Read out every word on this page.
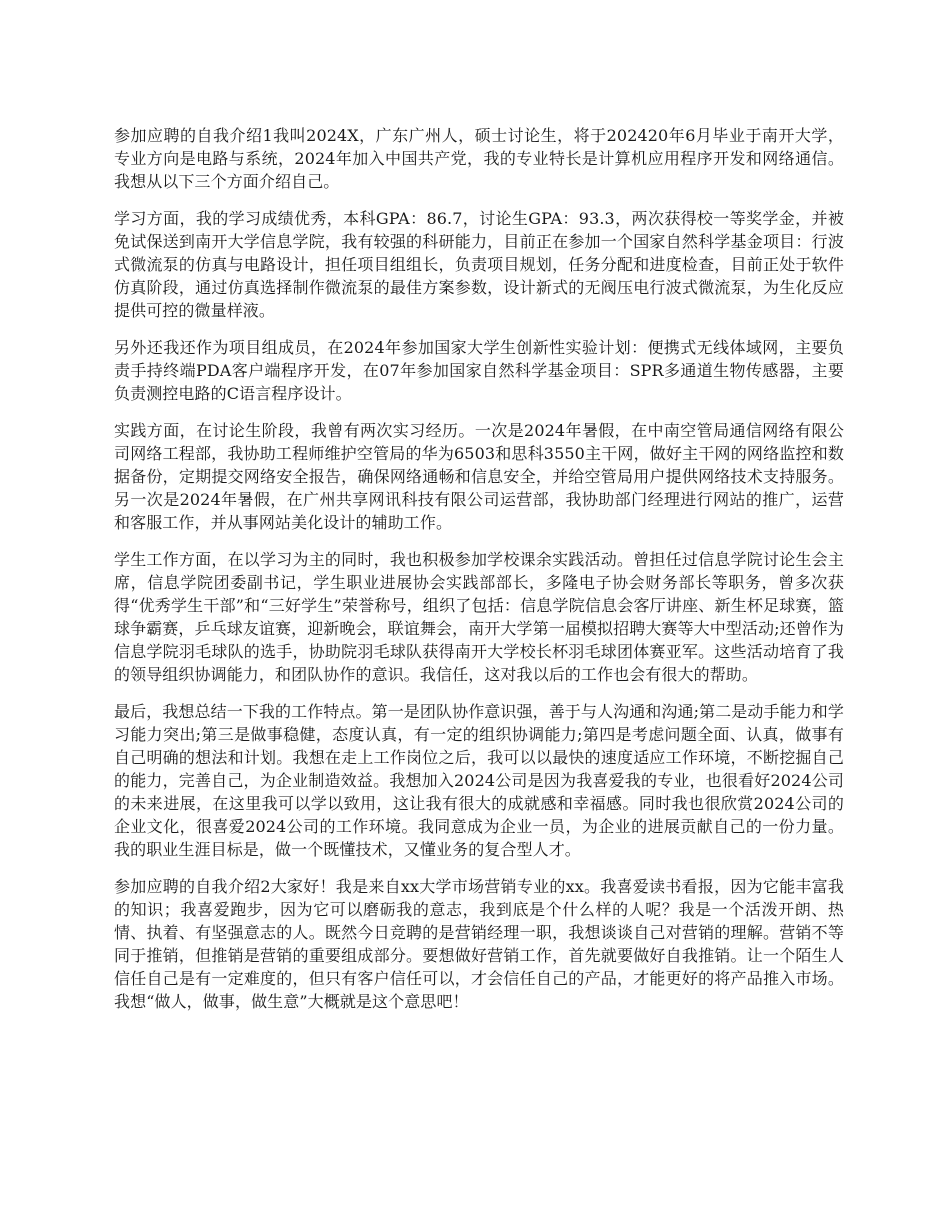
参加应聘的自我介绍1我叫2024X，广东广州人，硕士讨论生，将于202420年6月毕业于南开大学，专业方向是电路与系统，2024年加入中国共产党，我的专业特长是计算机应用程序开发和网络通信。我想从以下三个方面介绍自己。

学习方面，我的学习成绩优秀，本科GPA：86.7，讨论生GPA：93.3，两次获得校一等奖学金，并被免试保送到南开大学信息学院，我有较强的科研能力，目前正在参加一个国家自然科学基金项目：行波式微流泵的仿真与电路设计，担任项目组组长，负责项目规划，任务分配和进度检查，目前正处于软件仿真阶段，通过仿真选择制作微流泵的最佳方案参数，设计新式的无阀压电行波式微流泵，为生化反应提供可控的微量样液。

另外还我还作为项目组成员，在2024年参加国家大学生创新性实验计划：便携式无线体域网，主要负责手持终端PDA客户端程序开发，在07年参加国家自然科学基金项目：SPR多通道生物传感器，主要负责测控电路的C语言程序设计。

实践方面，在讨论生阶段，我曾有两次实习经历。一次是2024年暑假，在中南空管局通信网络有限公司网络工程部，我协助工程师维护空管局的华为6503和思科3550主干网，做好主干网的网络监控和数据备份，定期提交网络安全报告，确保网络通畅和信息安全，并给空管局用户提供网络技术支持服务。另一次是2024年暑假，在广州共享网讯科技有限公司运营部，我协助部门经理进行网站的推广，运营和客服工作，并从事网站美化设计的辅助工作。

学生工作方面，在以学习为主的同时，我也积极参加学校课余实践活动。曾担任过信息学院讨论生会主席，信息学院团委副书记，学生职业进展协会实践部部长，多隆电子协会财务部长等职务，曾多次获得“优秀学生干部”和“三好学生”荣誉称号，组织了包括：信息学院信息会客厅讲座、新生杯足球赛，篮球争霸赛，乒乓球友谊赛，迎新晚会，联谊舞会，南开大学第一届模拟招聘大赛等大中型活动;还曾作为信息学院羽毛球队的选手，协助院羽毛球队获得南开大学校长杯羽毛球团体赛亚军。这些活动培育了我的领导组织协调能力，和团队协作的意识。我信任，这对我以后的工作也会有很大的帮助。

最后，我想总结一下我的工作特点。第一是团队协作意识强，善于与人沟通和沟通;第二是动手能力和学习能力突出;第三是做事稳健，态度认真，有一定的组织协调能力;第四是考虑问题全面、认真，做事有自己明确的想法和计划。我想在走上工作岗位之后，我可以以最快的速度适应工作环境，不断挖掘自己的能力，完善自己，为企业制造效益。我想加入2024公司是因为我喜爱我的专业，也很看好2024公司的未来进展，在这里我可以学以致用，这让我有很大的成就感和幸福感。同时我也很欣赏2024公司的企业文化，很喜爱2024公司的工作环境。我同意成为企业一员，为企业的进展贡献自己的一份力量。我的职业生涯目标是，做一个既懂技术，又懂业务的复合型人才。

参加应聘的自我介绍2大家好！我是来自xx大学市场营销专业的xx。我喜爱读书看报，因为它能丰富我的知识；我喜爱跑步，因为它可以磨砺我的意志，我到底是个什么样的人呢？我是一个活泼开朗、热情、执着、有坚强意志的人。既然今日竞聘的是营销经理一职，我想谈谈自己对营销的理解。营销不等同于推销，但推销是营销的重要组成部分。要想做好营销工作，首先就要做好自我推销。让一个陌生人信任自己是有一定难度的，但只有客户信任可以，才会信任自己的产品，才能更好的将产品推入市场。我想“做人，做事，做生意”大概就是这个意思吧！
